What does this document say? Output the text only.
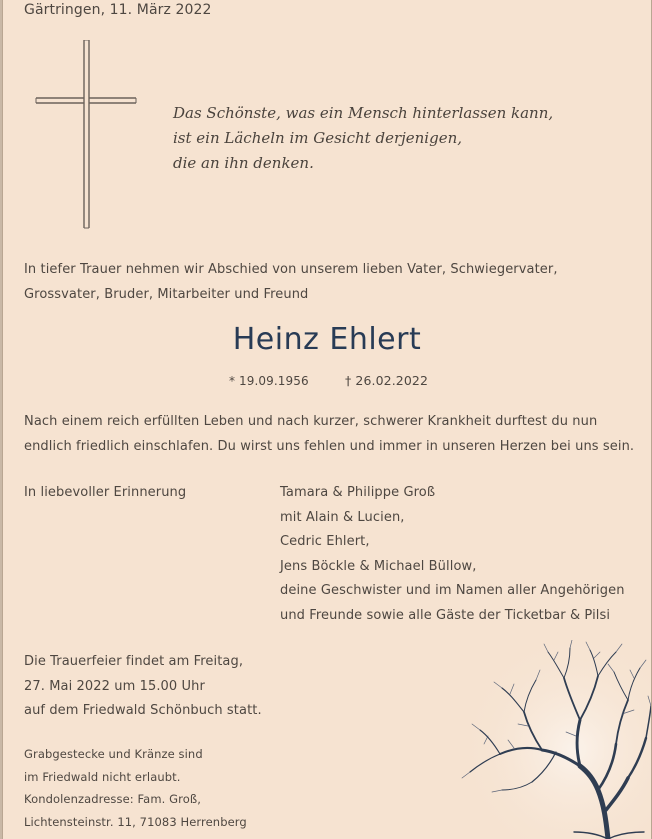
Gärtringen, 11. März 2022
Das Schönste, was ein Mensch hinterlassen kann,
ist ein Lächeln im Gesicht derjenigen,
die an ihn denken.
In tiefer Trauer nehmen wir Abschied von unserem lieben Vater, Schwiegervater,
Grossvater, Bruder, Mitarbeiter und Freund
Heinz Ehlert
* 19.09.1956	† 26.02.2022
Nach einem reich erfüllten Leben und nach kurzer, schwerer Krankheit durftest du nun
endlich friedlich einschlafen. Du wirst uns fehlen und immer in unseren Herzen bei uns sein.
In liebevoller Erinnerung	Tamara & Philippe Groß
mit Alain & Lucien,
Cedric Ehlert,
Jens Böckle & Michael Büllow,
deine Geschwister und im Namen aller Angehörigen
und Freunde sowie alle Gäste der Ticketbar & Pilsi
Die Trauerfeier findet am Freitag,
27. Mai 2022 um 15.00 Uhr
auf dem Friedwald Schönbuch statt.
Grabgestecke und Kränze sind
im Friedwald nicht erlaubt.
Kondolenzadresse: Fam. Groß,
Lichtensteinstr. 11, 71083 Herrenberg
